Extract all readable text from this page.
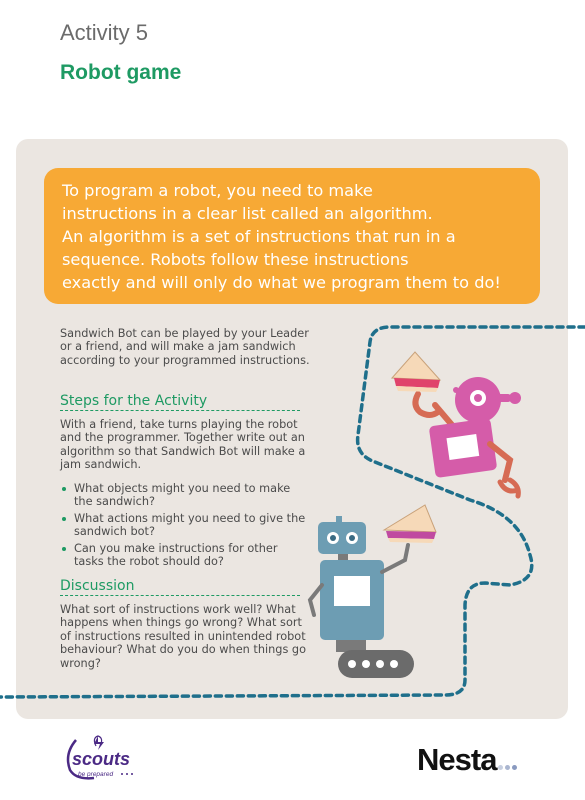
Activity 5
Robot game
To program a robot, you need to make
instructions in a clear list called an algorithm.
An algorithm is a set of instructions that run in a
sequence. Robots follow these instructions
exactly and will only do what we program them to do!
Sandwich Bot can be played by your Leader or a friend, and will make a jam sandwich according to your programmed instructions.
Steps for the Activity
With a friend, take turns playing the robot and the programmer. Together write out an algorithm so that Sandwich Bot will make a jam sandwich.
What objects might you need to make the sandwich?
What actions might you need to give the sandwich bot?
Can you make instructions for other tasks the robot should do?
Discussion
What sort of instructions work well? What happens when things go wrong? What sort of instructions resulted in unintended robot behaviour? What do you do when things go wrong?
scouts
be prepared	Nesta
